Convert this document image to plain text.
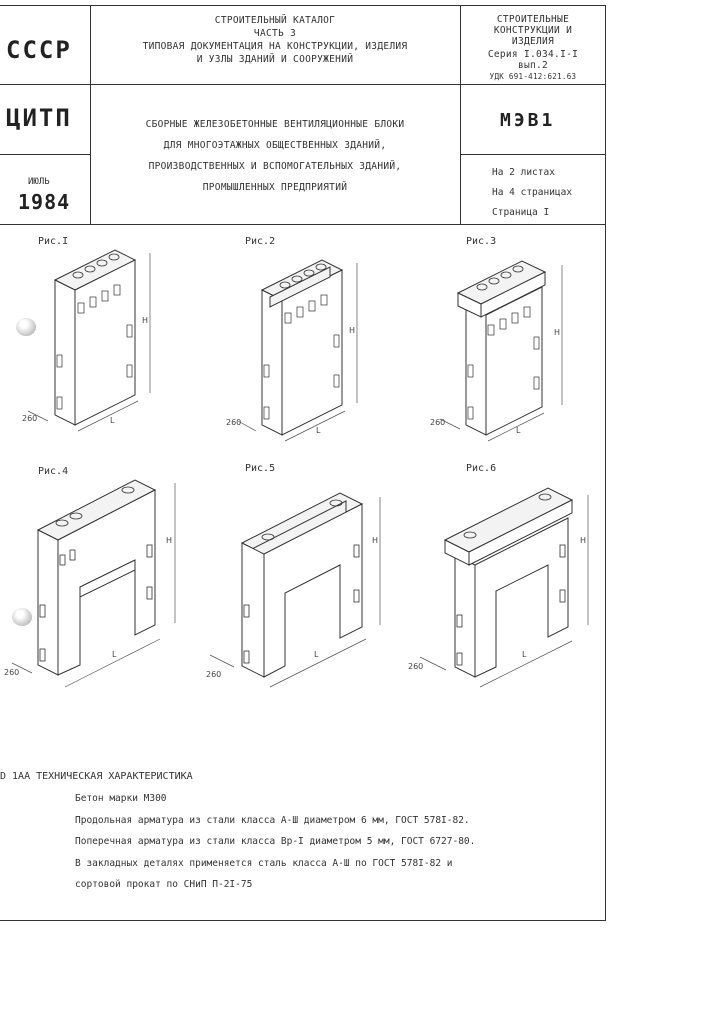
СССР
ЦИТП
ИЮЛЬ
1984
СТРОИТЕЛЬНЫЙ КАТАЛОГ
ЧАСТЬ 3
ТИПОВАЯ ДОКУМЕНТАЦИЯ НА КОНСТРУКЦИИ, ИЗДЕЛИЯ
И УЗЛЫ ЗДАНИЙ И СООРУЖЕНИЙ
СТРОИТЕЛЬНЫЕ
КОНСТРУКЦИИ И
ИЗДЕЛИЯ
Серия I.034.I-I
вып.2
УДК 691-412:621.63
СБОРНЫЕ ЖЕЛЕЗОБЕТОННЫЕ ВЕНТИЛЯЦИОННЫЕ БЛОКИ
ДЛЯ МНОГОЭТАЖНЫХ ОБЩЕСТВЕННЫХ ЗДАНИЙ,
ПРОИЗВОДСТВЕННЫХ И ВСПОМОГАТЕЛЬНЫХ ЗДАНИЙ,
ПРОМЫШЛЕННЫХ ПРЕДПРИЯТИЙ
МЭВ1
На 2 листах
На 4 страницах
Страница I
Рис.I	Рис.2	Рис.3
Рис.4	Рис.5	Рис.6
H
L
260
H
L
260
H
L
260
H
L
260
H
L
260
H
L
260
D 1АА ТЕХНИЧЕСКАЯ ХАРАКТЕРИСТИКА
Бетон марки М300
Продольная арматура из стали класса А-Ш диаметром 6 мм, ГОСТ 578I-82.
Поперечная арматура из стали класса Вр-I диаметром 5 мм, ГОСТ 6727-80.
В закладных деталях применяется сталь класса А-Ш по ГОСТ 578I-82 и
сортовой прокат по СНиП П-2I-75
